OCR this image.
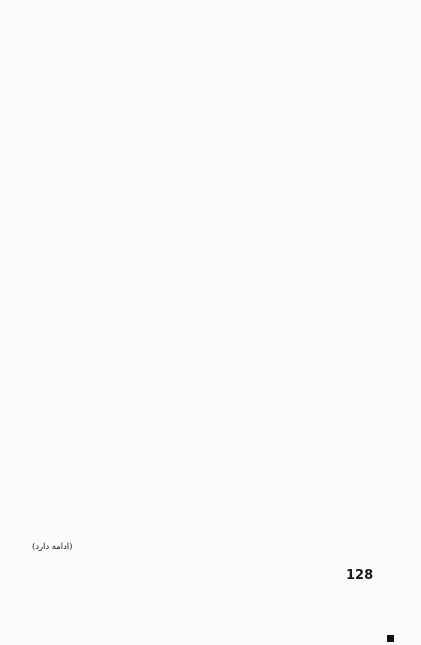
(ادامه دارد)
128
